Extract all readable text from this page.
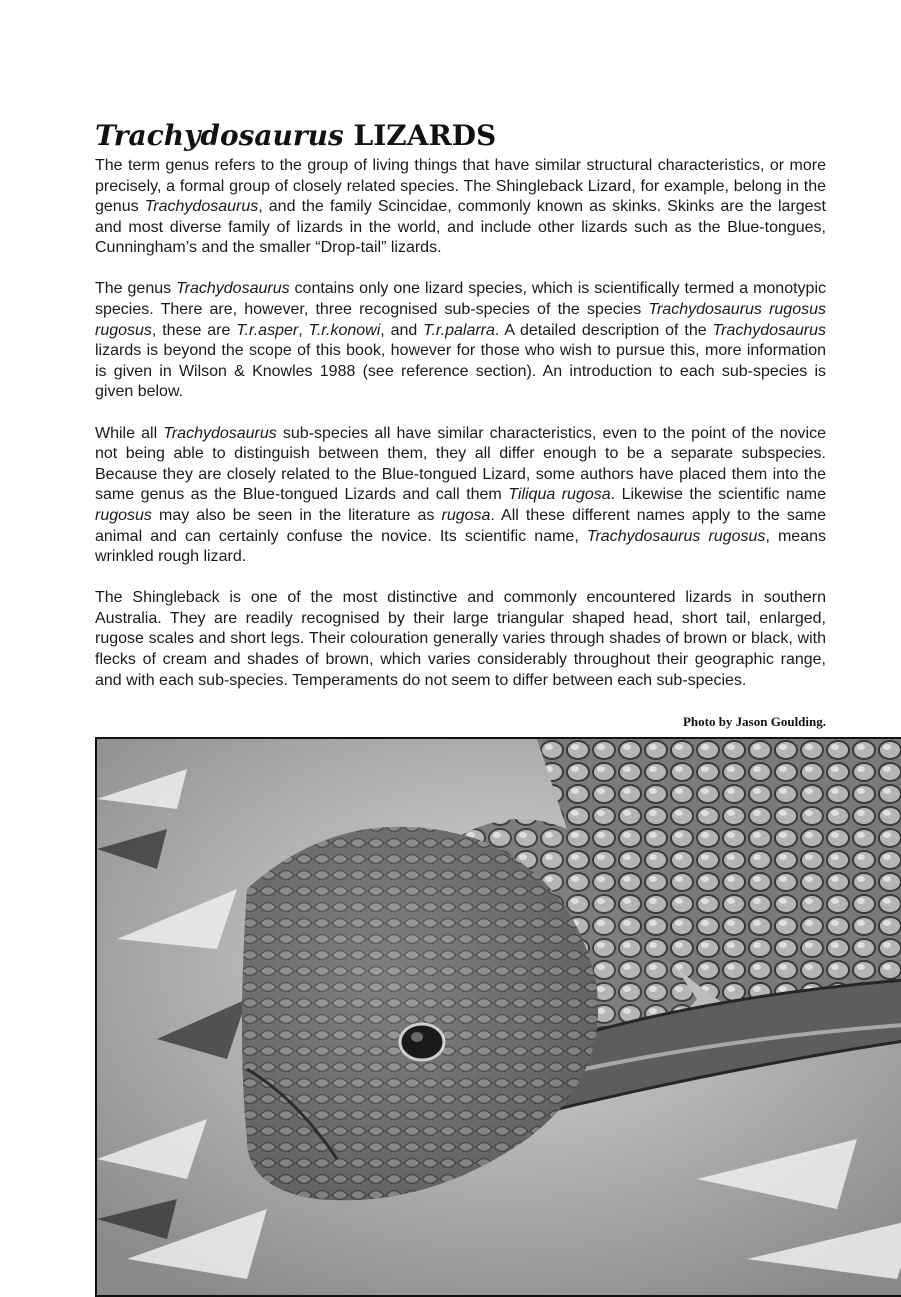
Trachydosaurus LIZARDS

The term genus refers to the group of living things that have similar structural characteristics, or more precisely, a formal group of closely related species. The Shingleback Lizard, for example, belong in the genus Trachydosaurus, and the family Scincidae, commonly known as skinks. Skinks are the largest and most diverse family of lizards in the world, and include other lizards such as the Blue-tongues, Cunningham’s and the smaller “Drop-tail” lizards.

The genus Trachydosaurus contains only one lizard species, which is scientifically termed a monotypic species. There are, however, three recognised sub-species of the species Trachydosaurus rugosus rugosus, these are T.r.asper, T.r.konowi, and T.r.palarra. A detailed description of the Trachydosaurus lizards is beyond the scope of this book, however for those who wish to pursue this, more information is given in Wilson & Knowles 1988 (see reference section). An introduction to each sub-species is given below.

While all Trachydosaurus sub-species all have similar characteristics, even to the point of the novice not being able to distinguish between them, they all differ enough to be a separate subspecies. Because they are closely related to the Blue-tongued Lizard, some authors have placed them into the same genus as the Blue-tongued Lizards and call them Tiliqua rugosa. Likewise the scientific name rugosus may also be seen in the literature as rugosa. All these different names apply to the same animal and can certainly confuse the novice. Its scientific name, Trachydosaurus rugosus, means wrinkled rough lizard.

The Shingleback is one of the most distinctive and commonly encountered lizards in southern Australia. They are readily recognised by their large triangular shaped head, short tail, enlarged, rugose scales and short legs. Their colouration generally varies through shades of brown or black, with flecks of cream and shades of brown, which varies considerably throughout their geographic range, and with each sub-species. Temperaments do not seem to differ between each sub-species.

Photo by Jason Goulding.
